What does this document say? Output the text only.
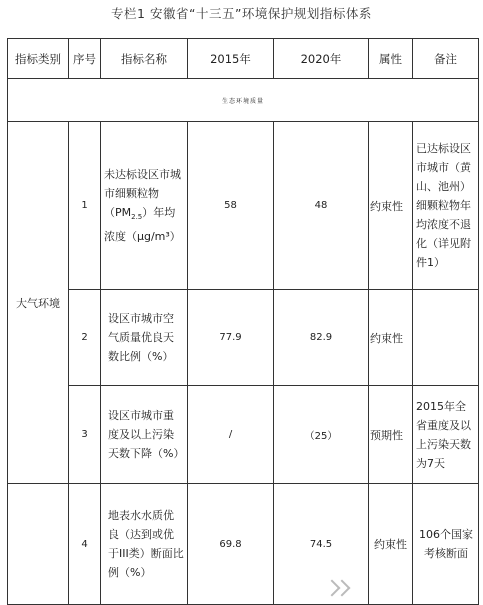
专栏1 安徽省“十三五”环境保护规划指标体系
指标类别	序号	指标名称	2015年	2020年	属性	备注
生态环境质量						
大气环境	1	未达标设区市城市细颗粒物$(PM_{2.5})$年均浓度（μg/m³）	58	48	约束性	已达标设区市城市（黄山、池州）细颗粒物年均浓度不退化（详见附件1）
	2	设区市城市空气质量优良天数比例（%）	77.9	82.9	约束性	
	3	设区市城市重度及以上污染天数下降（%）	/	（25）	预期性	2015年全省重度及以上污染天数为7天
	4	地表水水质优良（达到或优于III类）断面比例（%）	69.8	74.5	约束性	106个国家考核断面
